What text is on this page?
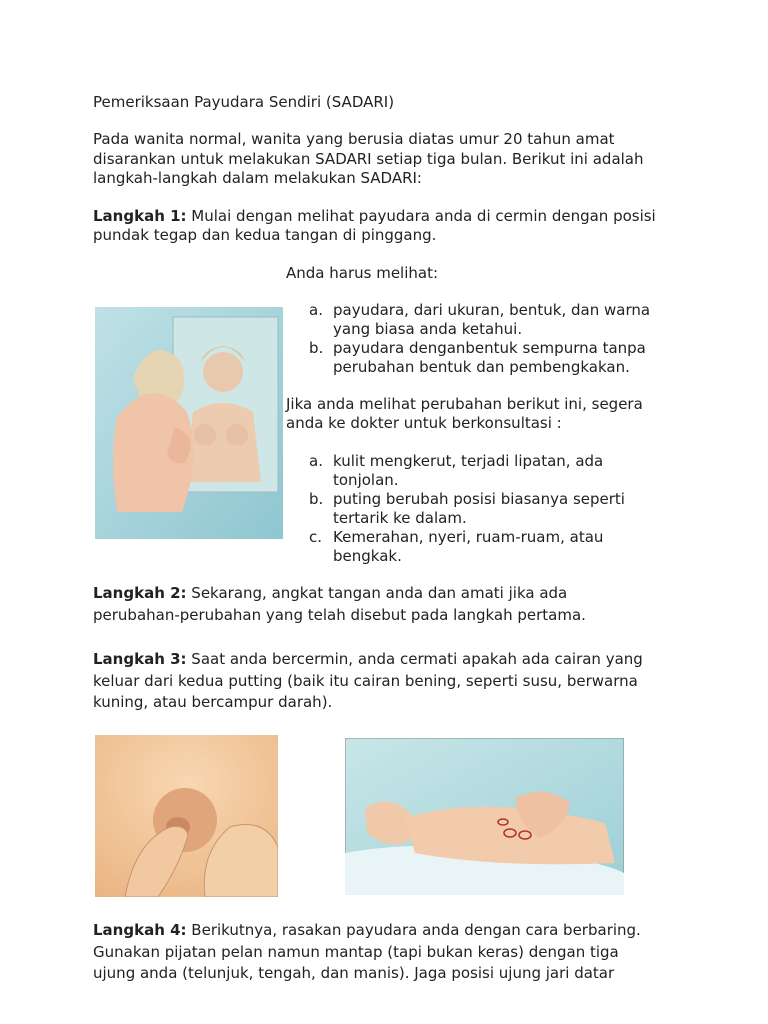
Pemeriksaan Payudara Sendiri (SADARI)
Pada wanita normal, wanita yang berusia diatas umur 20 tahun amat
disarankan untuk melakukan SADARI setiap tiga bulan. Berikut ini adalah
langkah-langkah dalam melakukan SADARI:
Langkah 1: Mulai dengan melihat payudara anda di cermin dengan posisi
pundak tegap dan kedua tangan di pinggang.
Anda harus melihat:
a. payudara, dari ukuran, bentuk, dan warna yang biasa anda ketahui.
b. payudara denganbentuk sempurna tanpa perubahan bentuk dan pembengkakan.
Jika anda melihat perubahan berikut ini, segera
anda ke dokter untuk berkonsultasi :
a. kulit mengkerut, terjadi lipatan, ada tonjolan.
b. puting berubah posisi biasanya seperti tertarik ke dalam.
c. Kemerahan, nyeri, ruam-ruam, atau bengkak.
Langkah 2: Sekarang, angkat tangan anda dan amati jika ada
perubahan-perubahan yang telah disebut pada langkah pertama.
Langkah 3: Saat anda bercermin, anda cermati apakah ada cairan yang
keluar dari kedua putting (baik itu cairan bening, seperti susu, berwarna
kuning, atau bercampur darah).
Langkah 4: Berikutnya, rasakan payudara anda dengan cara berbaring.
Gunakan pijatan pelan namun mantap (tapi bukan keras) dengan tiga
ujung anda (telunjuk, tengah, dan manis). Jaga posisi ujung jari datar
